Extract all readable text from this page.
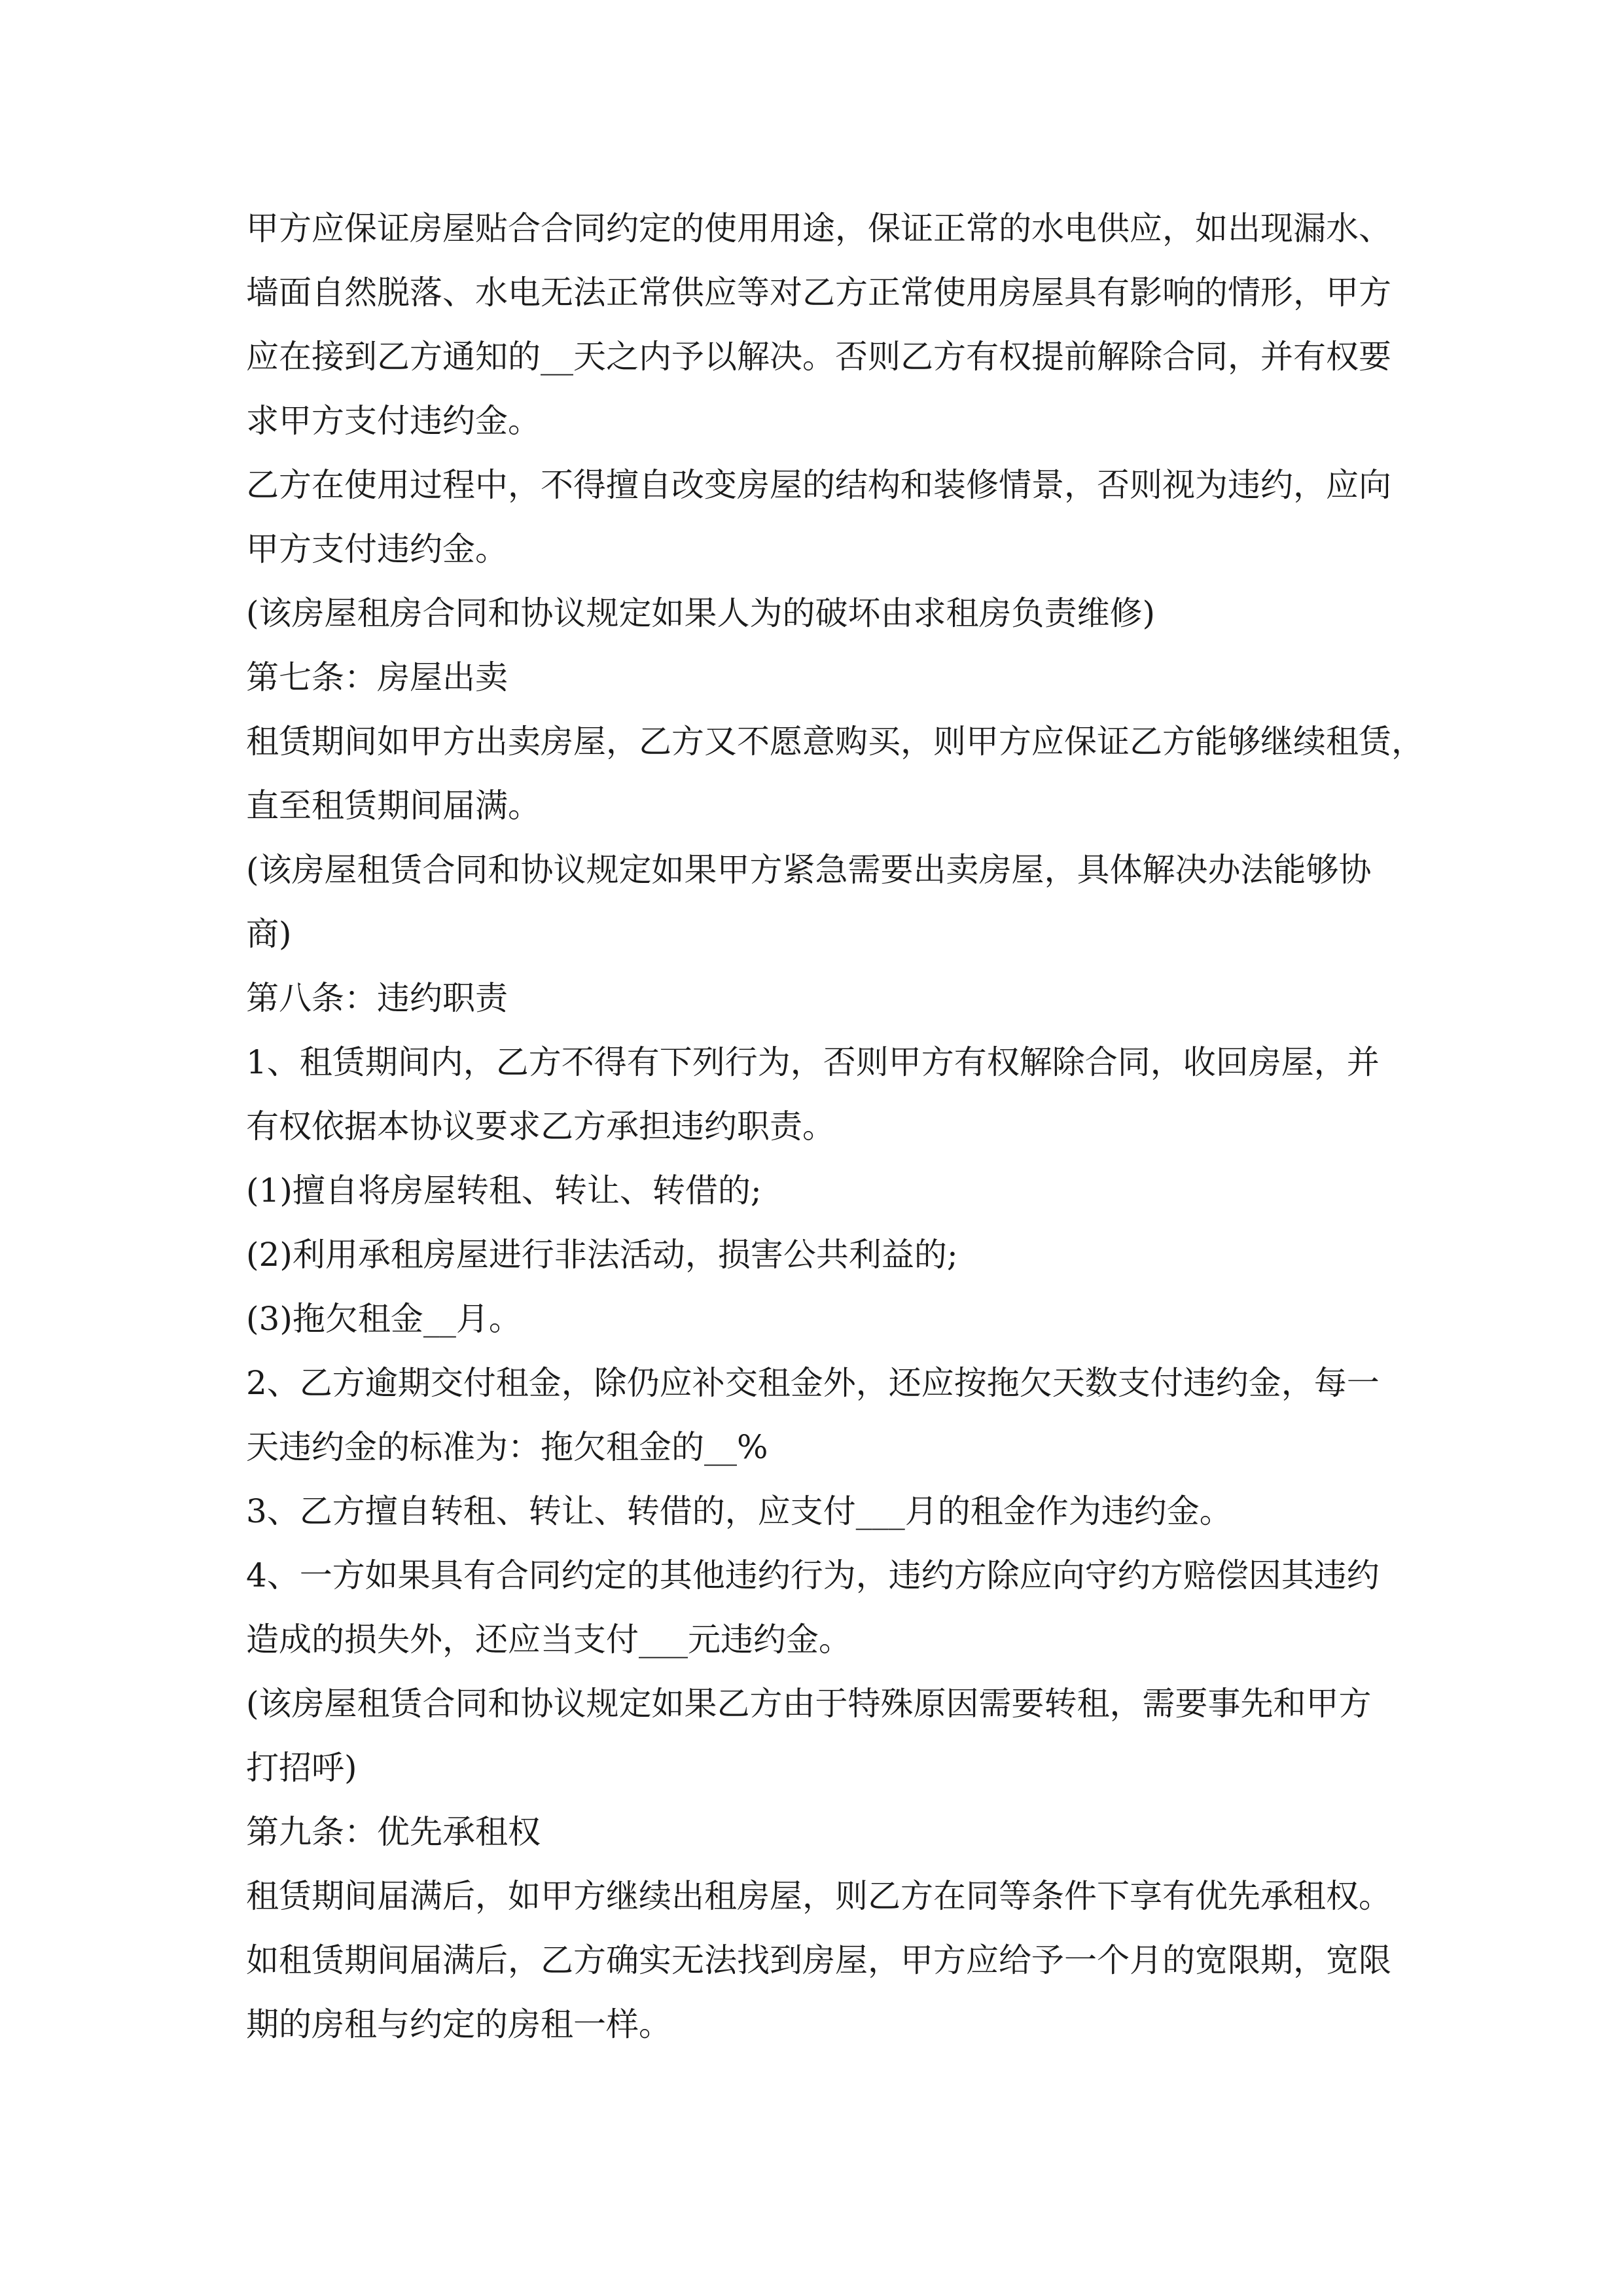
甲方应保证房屋贴合合同约定的使用用途，保证正常的水电供应，如出现漏水、
墙面自然脱落、水电无法正常供应等对乙方正常使用房屋具有影响的情形，甲方
应在接到乙方通知的__天之内予以解决。否则乙方有权提前解除合同，并有权要
求甲方支付违约金。
乙方在使用过程中，不得擅自改变房屋的结构和装修情景，否则视为违约，应向
甲方支付违约金。
(该房屋租房合同和协议规定如果人为的破坏由求租房负责维修)
第七条：房屋出卖
租赁期间如甲方出卖房屋，乙方又不愿意购买，则甲方应保证乙方能够继续租赁，
直至租赁期间届满。
(该房屋租赁合同和协议规定如果甲方紧急需要出卖房屋，具体解决办法能够协
商)
第八条：违约职责
1、租赁期间内，乙方不得有下列行为，否则甲方有权解除合同，收回房屋，并
有权依据本协议要求乙方承担违约职责。
(1)擅自将房屋转租、转让、转借的;
(2)利用承租房屋进行非法活动，损害公共利益的;
(3)拖欠租金__月。
2、乙方逾期交付租金，除仍应补交租金外，还应按拖欠天数支付违约金，每一
天违约金的标准为：拖欠租金的__%
3、乙方擅自转租、转让、转借的，应支付___月的租金作为违约金。
4、一方如果具有合同约定的其他违约行为，违约方除应向守约方赔偿因其违约
造成的损失外，还应当支付___元违约金。
(该房屋租赁合同和协议规定如果乙方由于特殊原因需要转租，需要事先和甲方
打招呼)
第九条：优先承租权
租赁期间届满后，如甲方继续出租房屋，则乙方在同等条件下享有优先承租权。
如租赁期间届满后，乙方确实无法找到房屋，甲方应给予一个月的宽限期，宽限
期的房租与约定的房租一样。
